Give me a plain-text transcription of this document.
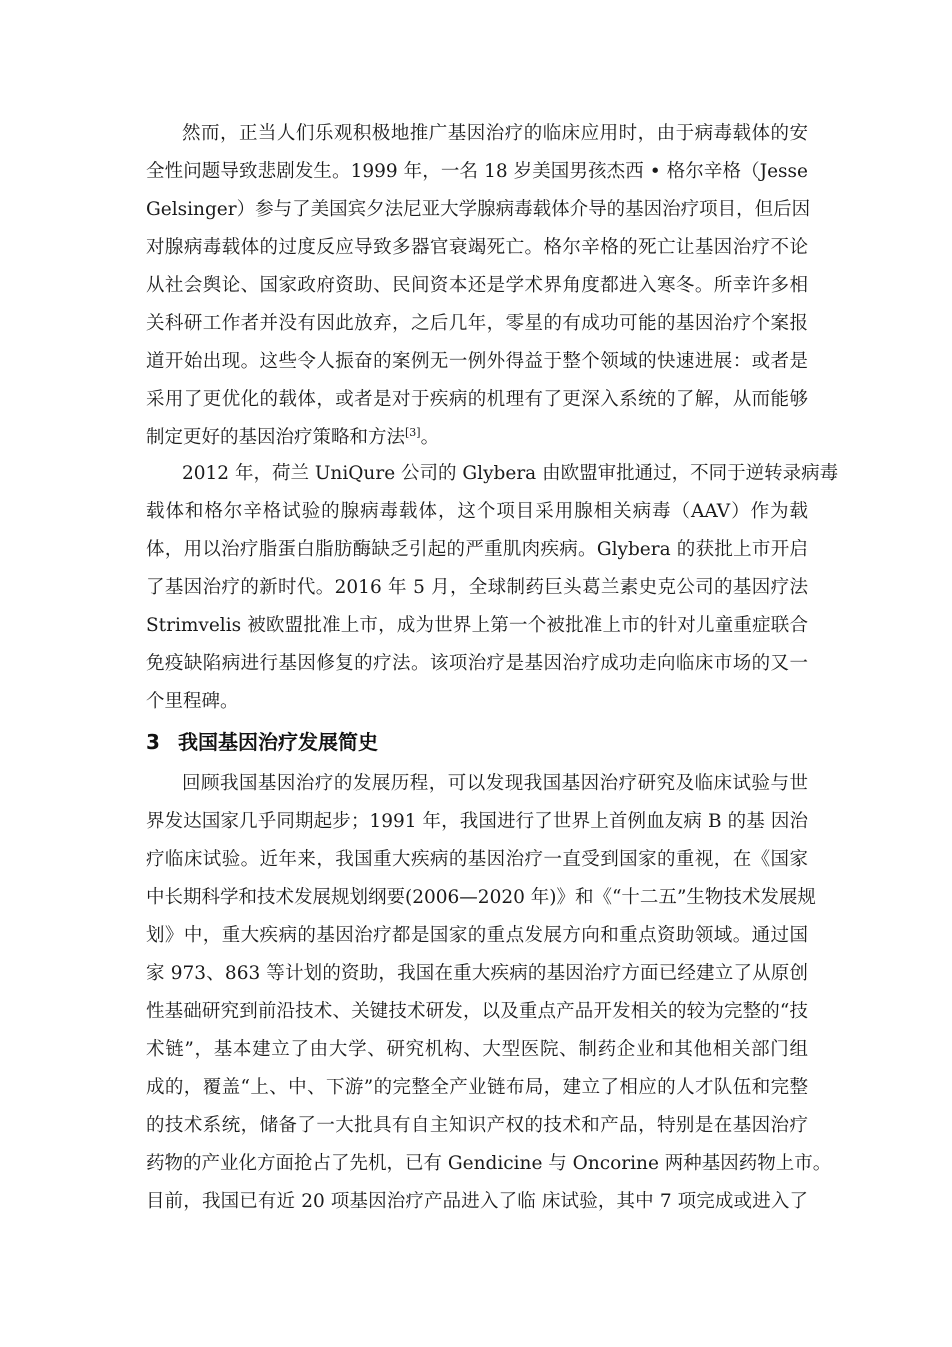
然而，正当人们乐观积极地推广基因治疗的临床应用时，由于病毒载体的安
全性问题导致悲剧发生。1999 年，一名 18 岁美国男孩杰西 • 格尔辛格（Jesse
Gelsinger）参与了美国宾夕法尼亚大学腺病毒载体介导的基因治疗项目，但后因
对腺病毒载体的过度反应导致多器官衰竭死亡。格尔辛格的死亡让基因治疗不论
从社会舆论、国家政府资助、民间资本还是学术界角度都进入寒冬。所幸许多相
关科研工作者并没有因此放弃，之后几年，零星的有成功可能的基因治疗个案报
道开始出现。这些令人振奋的案例无一例外得益于整个领域的快速进展：或者是
采用了更优化的载体，或者是对于疾病的机理有了更深入系统的了解，从而能够
制定更好的基因治疗策略和方法[3]。
2012 年，荷兰 UniQure 公司的 Glybera 由欧盟审批通过，不同于逆转录病毒
载体和格尔辛格试验的腺病毒载体，这个项目采用腺相关病毒（AAV）作为载
体，用以治疗脂蛋白脂肪酶缺乏引起的严重肌肉疾病。Glybera 的获批上市开启
了基因治疗的新时代。2016 年 5 月，全球制药巨头葛兰素史克公司的基因疗法
Strimvelis 被欧盟批准上市，成为世界上第一个被批准上市的针对儿童重症联合
免疫缺陷病进行基因修复的疗法。该项治疗是基因治疗成功走向临床市场的又一
个里程碑。
3 我国基因治疗发展简史
回顾我国基因治疗的发展历程，可以发现我国基因治疗研究及临床试验与世
界发达国家几乎同期起步；1991 年，我国进行了世界上首例血友病 B 的基 因治
疗临床试验。近年来，我国重大疾病的基因治疗一直受到国家的重视，在《国家
中长期科学和技术发展规划纲要(2006—2020 年)》和《“十二五”生物技术发展规
划》中，重大疾病的基因治疗都是国家的重点发展方向和重点资助领域。通过国
家 973、863 等计划的资助，我国在重大疾病的基因治疗方面已经建立了从原创
性基础研究到前沿技术、关键技术研发，以及重点产品开发相关的较为完整的“技
术链”，基本建立了由大学、研究机构、大型医院、制药企业和其他相关部门组
成的，覆盖“上、中、下游”的完整全产业链布局，建立了相应的人才队伍和完整
的技术系统，储备了一大批具有自主知识产权的技术和产品，特别是在基因治疗
药物的产业化方面抢占了先机，已有 Gendicine 与 Oncorine 两种基因药物上市。
目前，我国已有近 20 项基因治疗产品进入了临 床试验，其中 7 项完成或进入了
